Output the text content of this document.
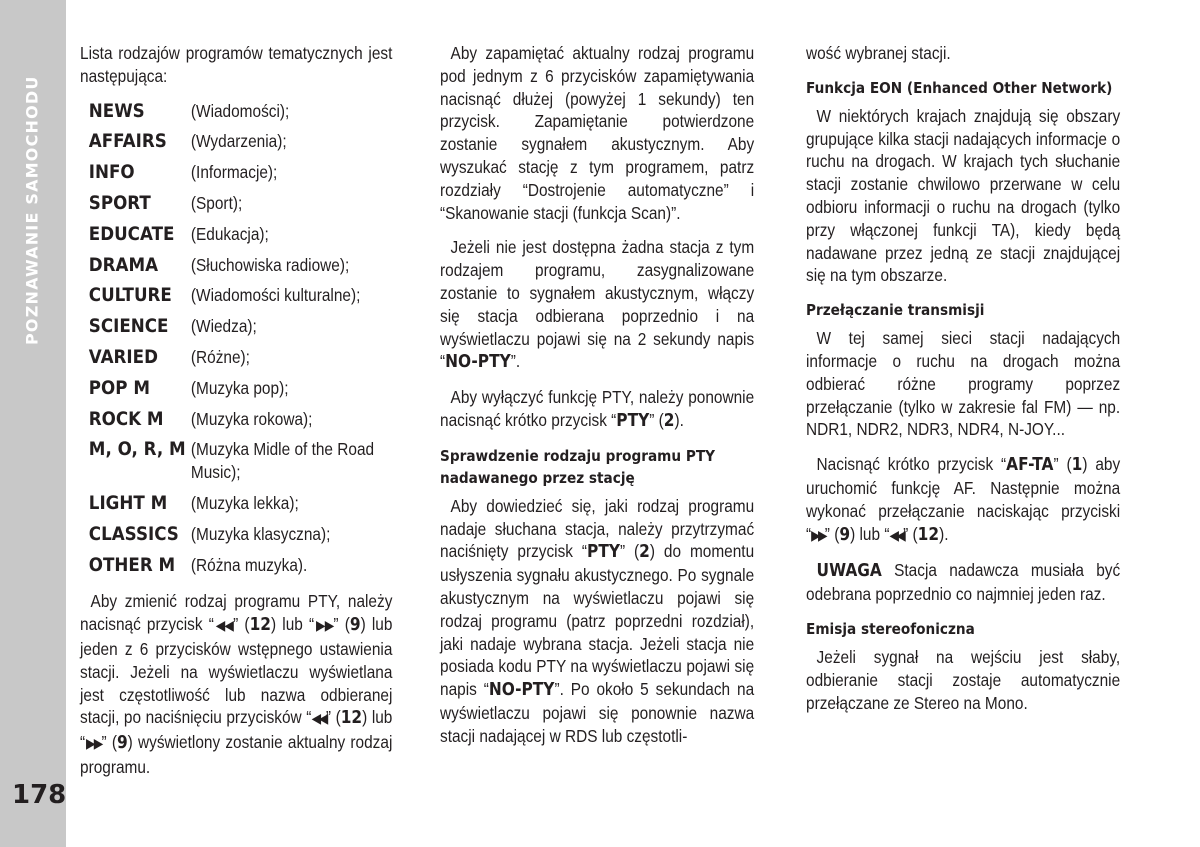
POZNAWANIE SAMOCHODU
178

Lista rodzajów programów tematycznych jest następująca:

NEWS	(Wiadomości);
AFFAIRS	(Wydarzenia);
INFO	(Informacje);
SPORT	(Sport);
EDUCATE	(Edukacja);
DRAMA	(Słuchowiska radiowe);
CULTURE	(Wiadomości kulturalne);
SCIENCE	(Wiedza);
VARIED	(Różne);
POP M	(Muzyka pop);
ROCK M	(Muzyka rokowa);
M, O, R, M	(Muzyka Midle of the Road Music);
LIGHT M	(Muzyka lekka);
CLASSICS	(Muzyka klasyczna);
OTHER M	(Różna muzyka).

Aby zmienić rodzaj programu PTY, należy nacisnąć przycisk “◀◀” (12) lub “▶▶” (9) lub jeden z 6 przycisków wstępnego ustawienia stacji. Jeżeli na wyświetlaczu wyświetlana jest częstotliwość lub nazwa odbieranej stacji, po naciśnięciu przycisków “◀◀” (12) lub “▶▶” (9) wyświetlony zostanie aktualny rodzaj programu.

Aby zapamiętać aktualny rodzaj programu pod jednym z 6 przycisków zapamiętywania nacisnąć dłużej (powyżej 1 sekundy) ten przycisk. Zapamiętanie potwierdzone zostanie sygnałem akustycznym. Aby wyszukać stację z tym programem, patrz rozdziały “Dostrojenie automatyczne” i “Skanowanie stacji (funkcja Scan)”.

Jeżeli nie jest dostępna żadna stacja z tym rodzajem programu, zasygnalizowane zostanie to sygnałem akustycznym, włączy się stacja odbierana poprzednio i na wyświetlaczu pojawi się na 2 sekundy napis “NO-PTY”.

Aby wyłączyć funkcję PTY, należy ponownie nacisnąć krótko przycisk “PTY” (2).

Sprawdzenie rodzaju programu PTY nadawanego przez stację

Aby dowiedzieć się, jaki rodzaj programu nadaje słuchana stacja, należy przytrzymać naciśnięty przycisk “PTY” (2) do momentu usłyszenia sygnału akustycznego. Po sygnale akustycznym na wyświetlaczu pojawi się rodzaj programu (patrz poprzedni rozdział), jaki nadaje wybrana stacja. Jeżeli stacja nie posiada kodu PTY na wyświetlaczu pojawi się napis “NO-PTY”. Po około 5 sekundach na wyświetlaczu pojawi się ponownie nazwa stacji nadającej w RDS lub częstotli-

wość wybranej stacji.

Funkcja EON (Enhanced Other Network)

W niektórych krajach znajdują się obszary grupujące kilka stacji nadających informacje o ruchu na drogach. W krajach tych słuchanie stacji zostanie chwilowo przerwane w celu odbioru informacji o ruchu na drogach (tylko przy włączonej funkcji TA), kiedy będą nadawane przez jedną ze stacji znajdującej się na tym obszarze.

Przełączanie transmisji

W tej samej sieci stacji nadających informacje o ruchu na drogach można odbierać różne programy poprzez przełączanie (tylko w zakresie fal FM) — np. NDR1, NDR2, NDR3, NDR4, N-JOY...

Nacisnąć krótko przycisk “AF-TA” (1) aby uruchomić funkcję AF. Następnie można wykonać przełączanie naciskając przyciski “▶▶” (9) lub “◀◀” (12).

UWAGA Stacja nadawcza musiała być odebrana poprzednio co najmniej jeden raz.

Emisja stereofoniczna

Jeżeli sygnał na wejściu jest słaby, odbieranie stacji zostaje automatycznie przełączane ze Stereo na Mono.
